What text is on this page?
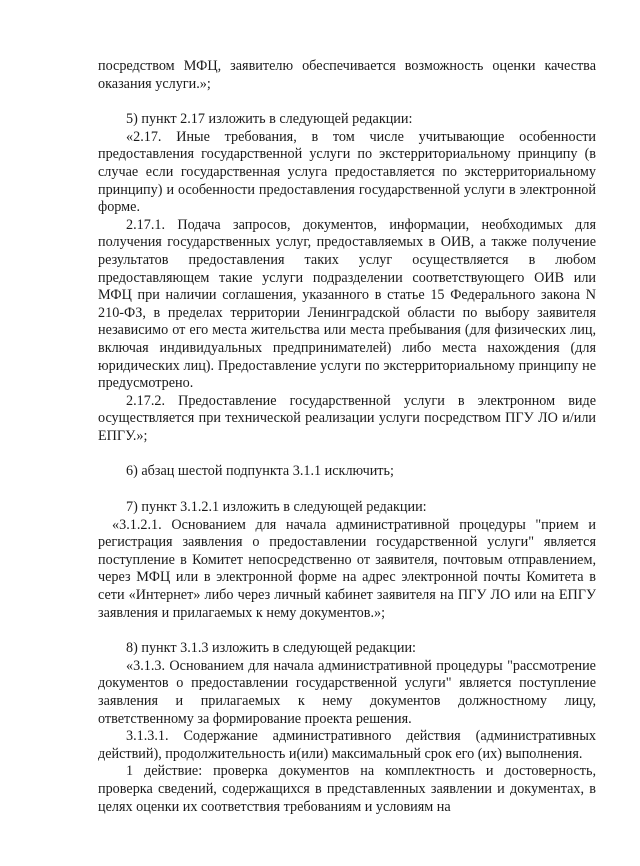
посредством МФЦ, заявителю обеспечивается возможность оценки качества оказания услуги.»;

5) пункт 2.17 изложить в следующей редакции:

«2.17. Иные требования, в том числе учитывающие особенности предоставления государственной услуги по экстерриториальному принципу (в случае если государственная услуга предоставляется по экстерриториальному принципу) и особенности предоставления государственной услуги в электронной форме.

2.17.1. Подача запросов, документов, информации, необходимых для получения государственных услуг, предоставляемых в ОИВ, а также получение результатов предоставления таких услуг осуществляется в любом предоставляющем такие услуги подразделении соответствующего ОИВ или МФЦ при наличии соглашения, указанного в статье 15 Федерального закона N 210-ФЗ, в пределах территории Ленинградской области по выбору заявителя независимо от его места жительства или места пребывания (для физических лиц, включая индивидуальных предпринимателей) либо места нахождения (для юридических лиц). Предоставление услуги по экстерриториальному принципу не предусмотрено.

2.17.2. Предоставление государственной услуги в электронном виде осуществляется при технической реализации услуги посредством ПГУ ЛО и/или ЕПГУ.»;

6) абзац шестой подпункта 3.1.1 исключить;

7) пункт 3.1.2.1 изложить в следующей редакции:

«3.1.2.1. Основанием для начала административной процедуры "прием и регистрация заявления о предоставлении государственной услуги" является поступление в Комитет непосредственно от заявителя, почтовым отправлением, через МФЦ или в электронной форме на адрес электронной почты Комитета в сети «Интернет» либо через личный кабинет заявителя на ПГУ ЛО или на ЕПГУ заявления и прилагаемых к нему документов.»;

8) пункт 3.1.3 изложить в следующей редакции:

«3.1.3. Основанием для начала административной процедуры "рассмотрение документов о предоставлении государственной услуги" является поступление заявления и прилагаемых к нему документов должностному лицу, ответственному за формирование проекта решения.

3.1.3.1. Содержание административного действия (административных действий), продолжительность и(или) максимальный срок его (их) выполнения.

1 действие: проверка документов на комплектность и достоверность, проверка сведений, содержащихся в представленных заявлении и документах, в целях оценки их соответствия требованиям и условиям на
